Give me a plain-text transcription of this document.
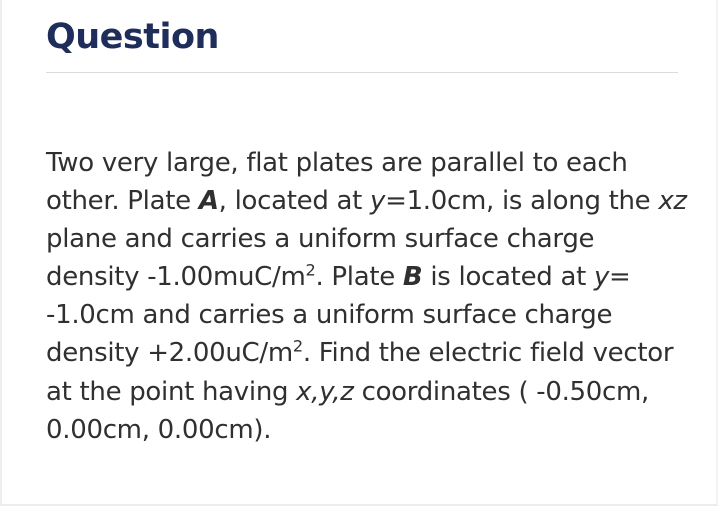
Question

Two very large, flat plates are parallel to each
other. Plate A, located at y=1.0cm, is along the xz
plane and carries a uniform surface charge
density $-1.00muC/m^2$. Plate B is located at y=
-1.0cm and carries a uniform surface charge
density $+2.00uC/m^2$. Find the electric field vector
at the point having x,y,z coordinates ( -0.50cm,
0.00cm, 0.00cm).
